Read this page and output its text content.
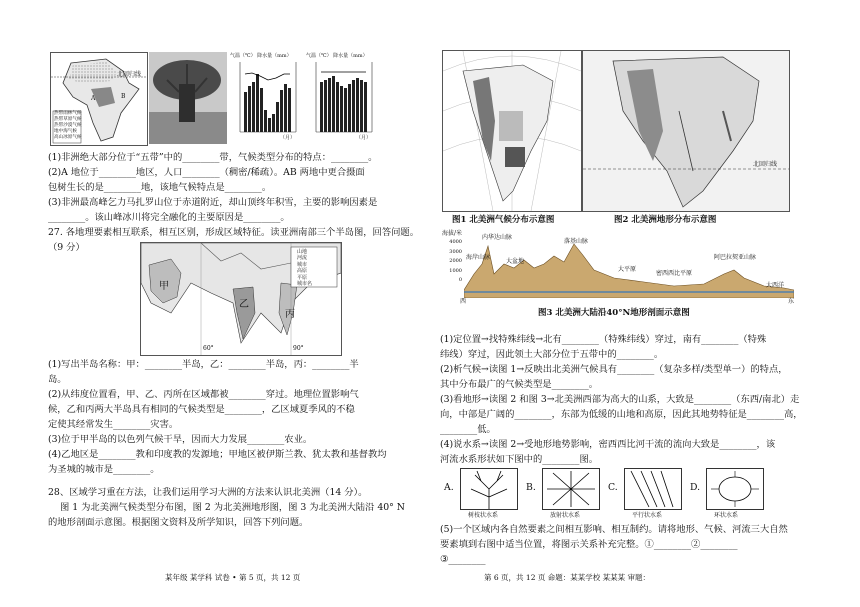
北回归线
A	B
热带雨林气候
热带草原气候
热带沙漠气候
地中海气候
高山冰原气候
气温（℃） 降水量（mm）
（月）
气温（℃） 降水量（mm）
（月）
(1)非洲绝大部分位于“五带”中的________带，气候类型分布的特点：________。
(2)A 地位于________地区，人口________（稠密/稀疏）。AB 两地中更合摄面
包树生长的是________地，该地气候特点是________。
(3)非洲最高峰乞力马扎罗山位于赤道附近，却山顶终年积雪，主要的影响因素是
________。该山峰冰川将完全融化的主要原因是________。
27. 各地理要素相互联系，相互区别，形成区域特征。读亚洲南部三个半岛图，回答问题。
（9 分）
甲
乙
丙
60°	90°
山地
河流
城市
高原
平原
城市名
(1)写出半岛名称：甲：________半岛，乙：________半岛，丙：________半
岛。
(2)从纬度位置看，甲、乙、丙所在区域都被________穿过。地理位置影响气
候，乙和丙两大半岛具有相同的气候类型是________，乙区域夏季风的不稳
定使其经常发生________灾害。
(3)位于甲半岛的以色列气候干旱，因而大力发展________农业。
(4)乙地区是________教和印度教的发源地；甲地区被伊斯兰教、犹太教和基督教均
为圣城的城市是________。
28、区域学习重在方法，让我们运用学习大洲的方法来认识北美洲（14 分）。
图 1 为北美洲气候类型分布图，图 2 为北美洲地形图，图 3 为北美洲大陆沿 40° N
的地形剖面示意图。根据图文资料及所学知识，回答下列问题。
某年级 某学科 试卷 • 第 5 页，共 12 页
图1 北美洲气候分布示意图
北回归线
图2 北美洲地形分布示意图
海拔/米
4000
3000
2000
1000
0
内华达山脉
落基山脉
海岸山脉
大盆地
密西西比平原
阿巴拉契亚山脉
大平原
大西洋
西	东
图3 北美洲大陆沿40°N地形剖面示意图
(1)定位置→找特殊纬线→北有________（特殊纬线）穿过，南有________（特殊
纬线）穿过，因此领土大部分位于五带中的________。
(2)析气候→读图 1→反映出北美洲气候具有________（复杂多样/类型单一）的特点，
其中分布最广的气候类型是________。
(3)看地形→读图 2 和图 3→北美洲西部为高大的山系，大致是________（东西/南北）走
向，中部是广阔的________，东部为低缓的山地和高原，因此其地势特征是________高，
________低。
(4)说水系→读图 2→受地形地势影响，密西西比河干流的流向大致是________，该
河流水系形状如下图中的________图。
A.
树枝状水系
B.
放射状水系
C.
平行状水系
D.
环状水系
(5)一个区域内各自然要素之间相互影响、相互制约。请将地形、气候、河流三大自然
要素填到右图中适当位置，将图示关系补充完整。①________②________
③________
第 6 页，共 12 页 命题：某某学校 某某某 审题：
